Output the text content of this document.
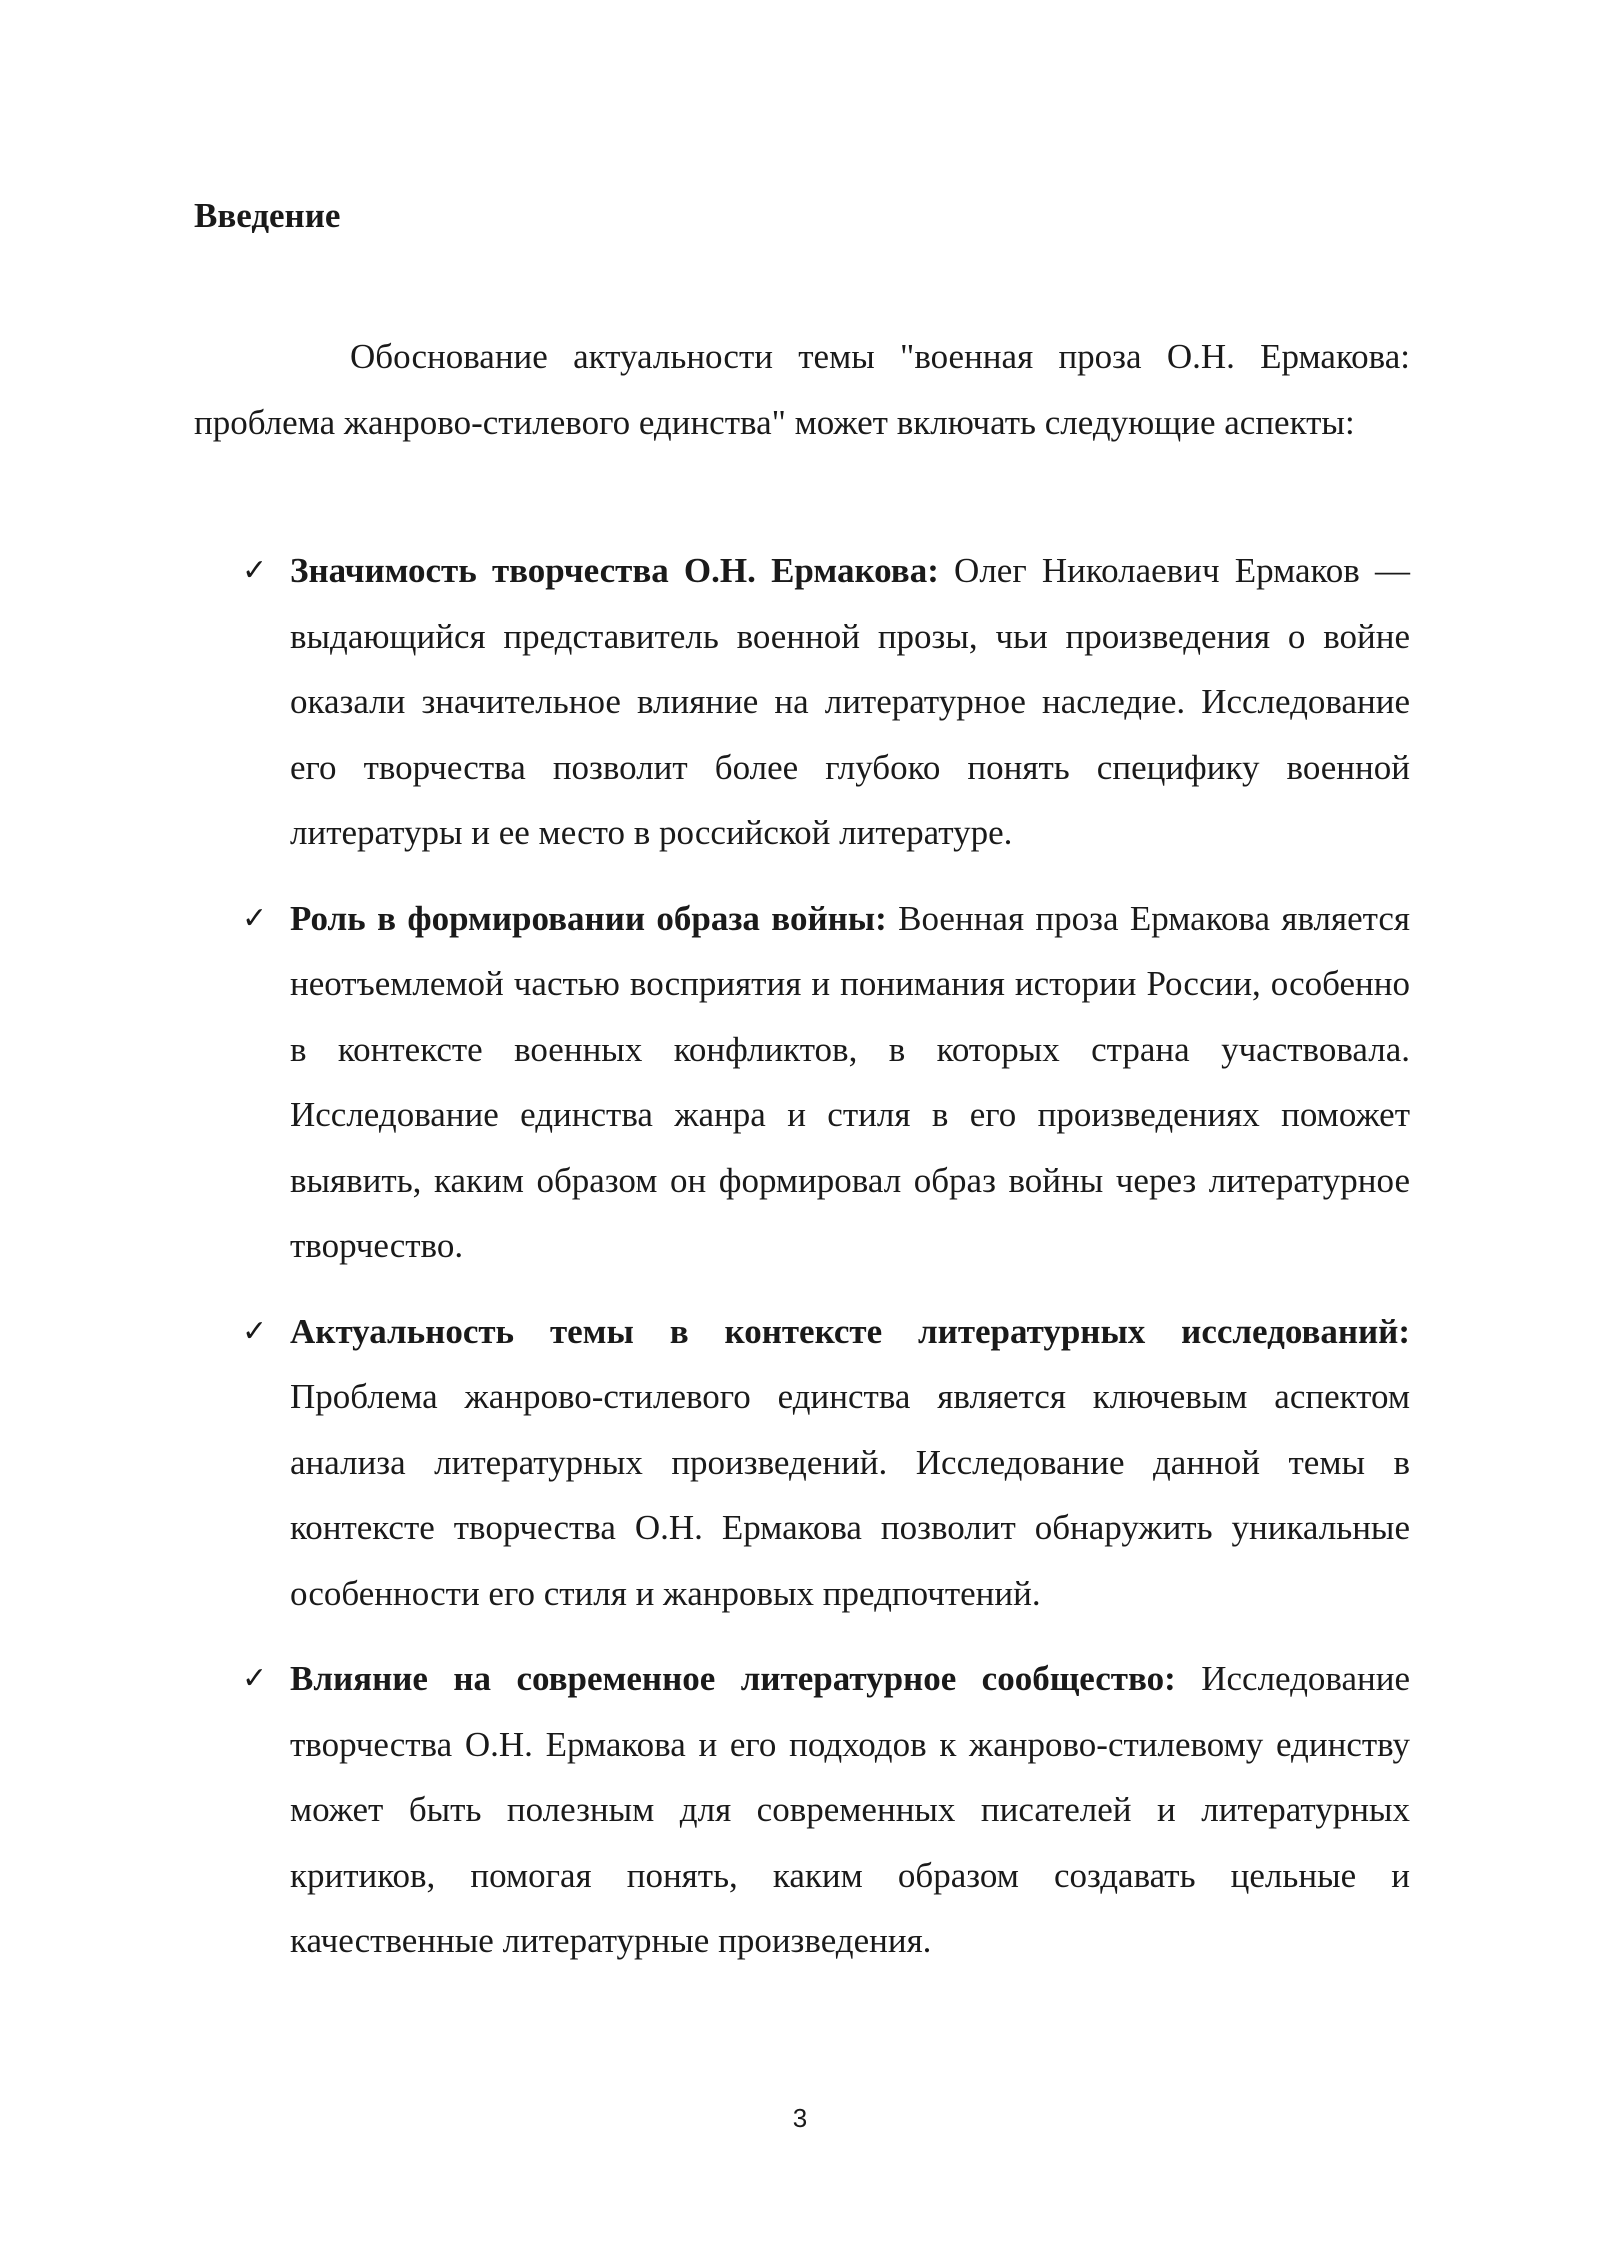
Введение

Обоснование актуальности темы "военная проза О.Н. Ермакова: проблема жанрово-стилевого единства" может включать следующие аспекты:

✓ Значимость творчества О.Н. Ермакова: Олег Николаевич Ермаков — выдающийся представитель военной прозы, чьи произведения о войне оказали значительное влияние на литературное наследие. Исследование его творчества позволит более глубоко понять специфику военной литературы и ее место в российской литературе.
✓ Роль в формировании образа войны: Военная проза Ермакова является неотъемлемой частью восприятия и понимания истории России, особенно в контексте военных конфликтов, в которых страна участвовала. Исследование единства жанра и стиля в его произведениях поможет выявить, каким образом он формировал образ войны через литературное творчество.
✓ Актуальность темы в контексте литературных исследований: Проблема жанрово-стилевого единства является ключевым аспектом анализа литературных произведений. Исследование данной темы в контексте творчества О.Н. Ермакова позволит обнаружить уникальные особенности его стиля и жанровых предпочтений.
✓ Влияние на современное литературное сообщество: Исследование творчества О.Н. Ермакова и его подходов к жанрово-стилевому единству может быть полезным для современных писателей и литературных критиков, помогая понять, каким образом создавать цельные и качественные литературные произведения.
3
